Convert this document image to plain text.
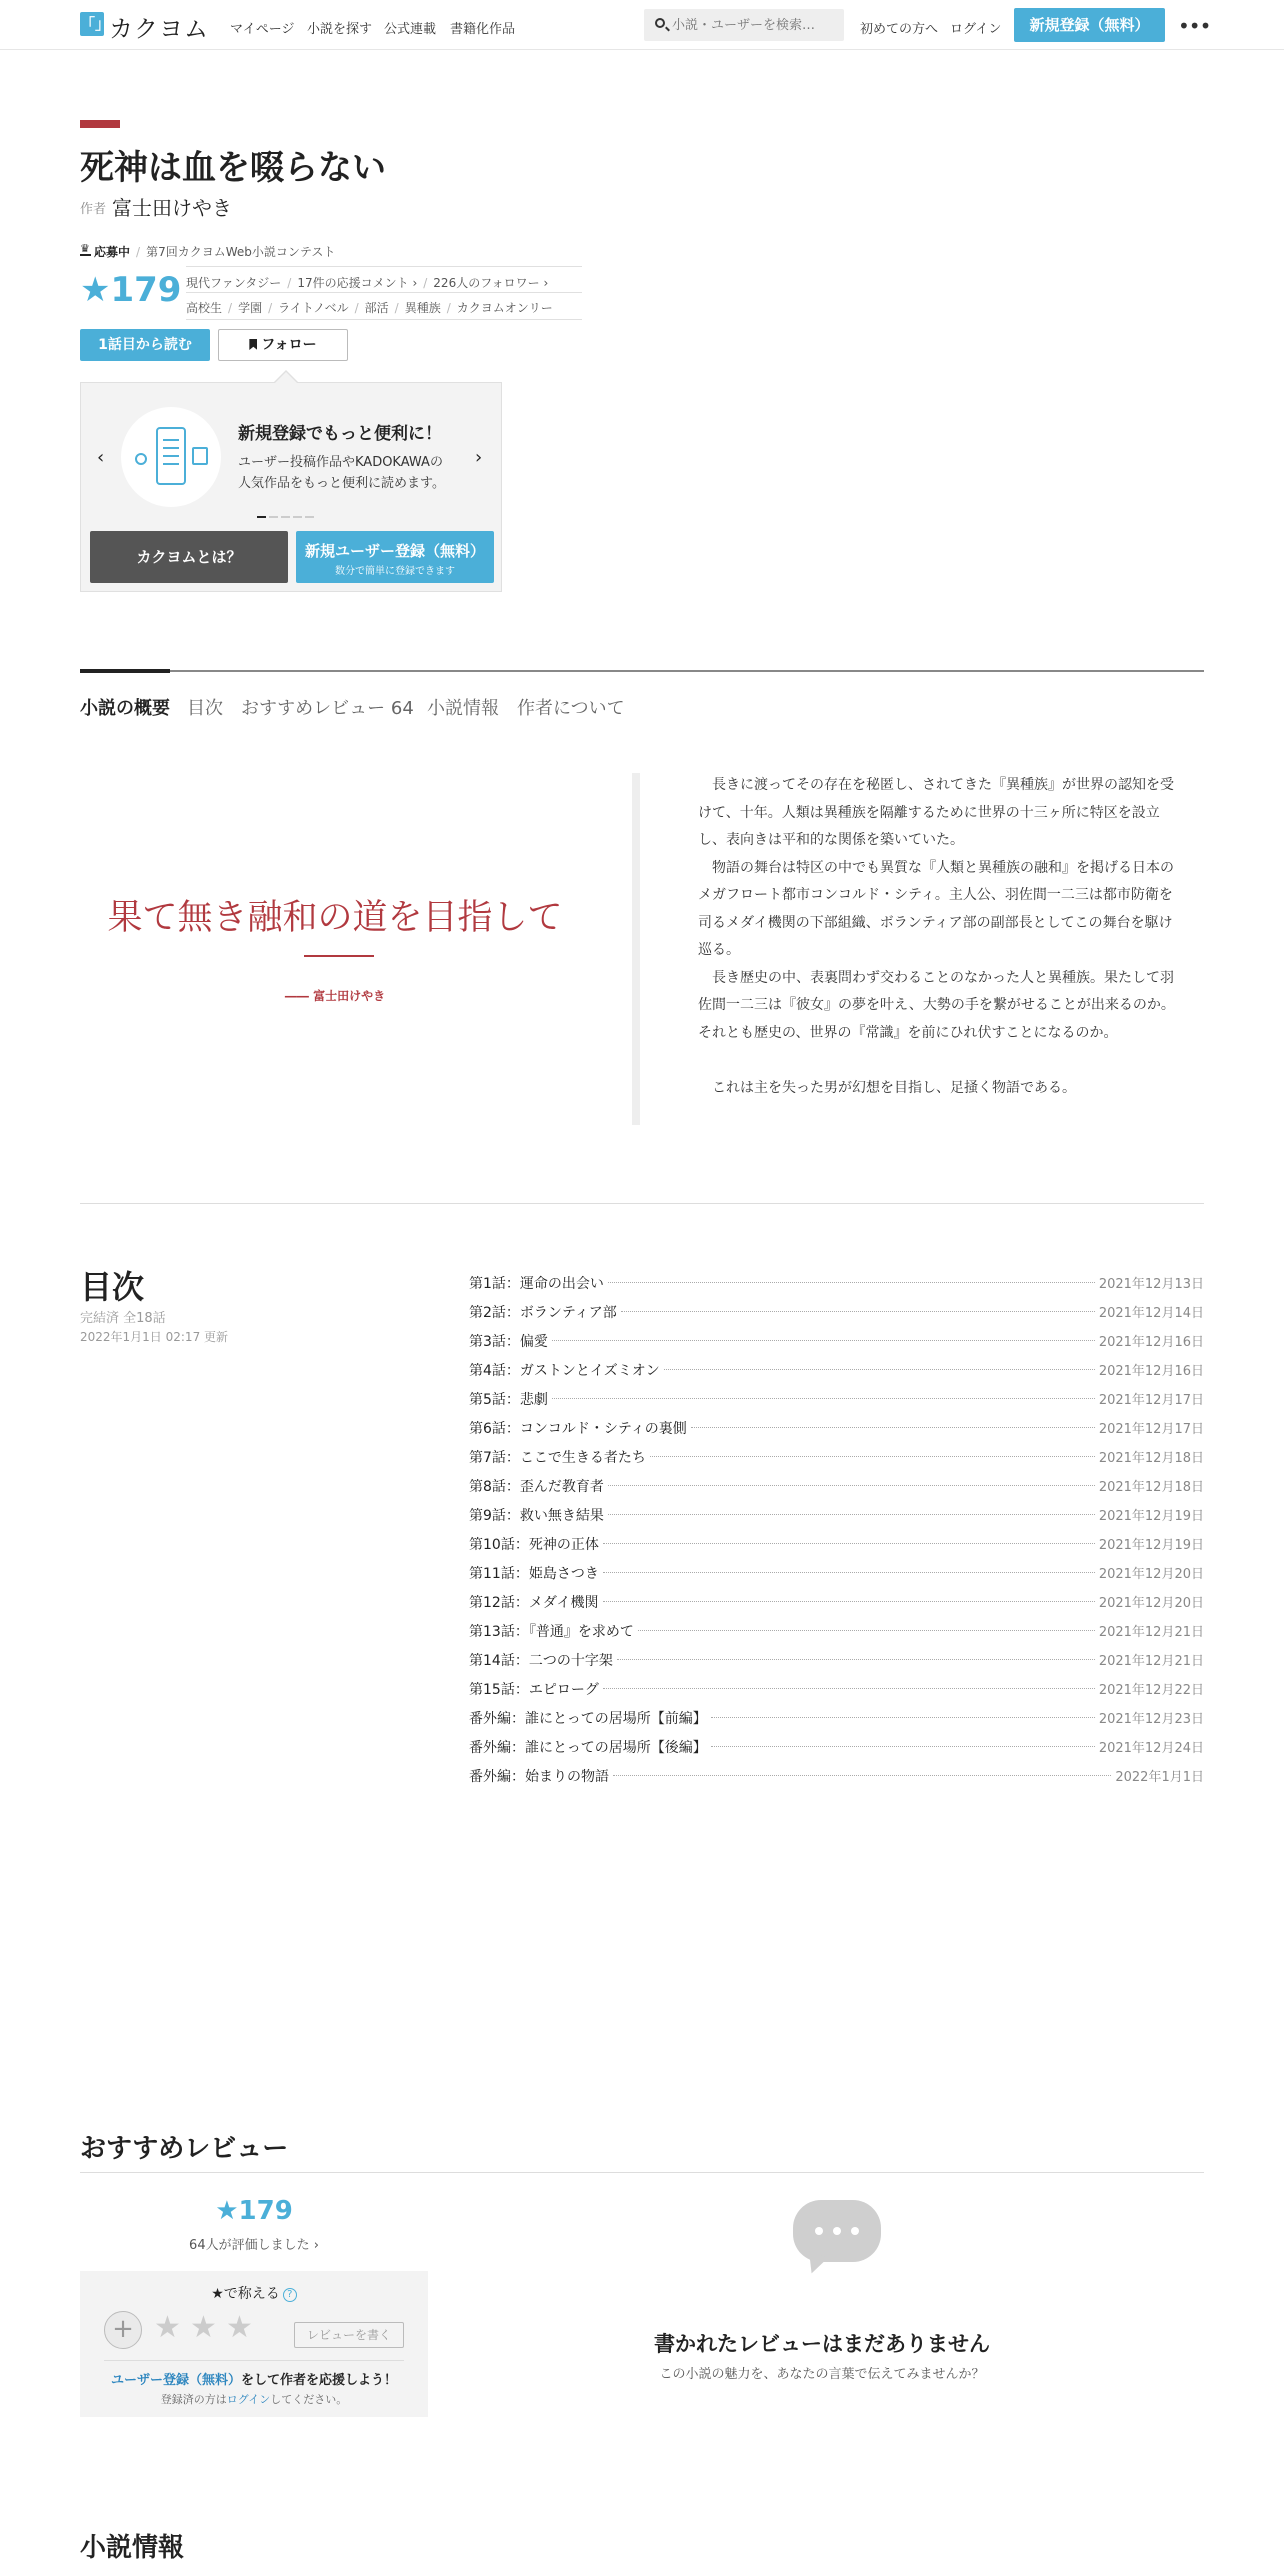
「」
カクヨム マイページ 小説を探す 公式連載 書籍化作品
小説・ユーザーを検索…	初めての方へ ログイン	新規登録（無料）	•••
死神は血を啜らない
作者 富士田けやき
♛応募中 / 第7回カクヨムWeb小説コンテスト
★179 現代ファンタジー / 17件の応援コメント › / 226人のフォロワー ›
高校生 / 学園 / ライトノベル / 部活 / 異種族 / カクヨムオンリー
1話目から読む	フォロー
‹
新規登録でもっと便利に！
ユーザー投稿作品やKADOKAWAの
人気作品をもっと便利に読めます。
›
カクヨムとは？	新規ユーザー登録（無料）
数分で簡単に登録できます
小説の概要 目次 おすすめレビュー 64 小説情報 作者について
果て無き融和の道を目指して
―― 富士田けやき

長きに渡ってその存在を秘匿し、されてきた『異種族』が世界の認知を受けて、十年。人類は異種族を隔離するために世界の十三ヶ所に特区を設立し、表向きは平和的な関係を築いていた。

物語の舞台は特区の中でも異質な『人類と異種族の融和』を掲げる日本のメガフロート都市コンコルド・シティ。主人公、羽佐間一二三は都市防衛を司るメダイ機関の下部組織、ボランティア部の副部長としてこの舞台を駆け巡る。

長き歴史の中、表裏問わず交わることのなかった人と異種族。果たして羽佐間一二三は『彼女』の夢を叶え、大勢の手を繋がせることが出来るのか。それとも歴史の、世界の『常識』を前にひれ伏すことになるのか。

これは主を失った男が幻想を目指し、足掻く物語である。

目次
完結済 全18話
2022年1月1日 02:17 更新
第1話：運命の出会い	2021年12月13日
第2話：ボランティア部	2021年12月14日
第3話：偏愛	2021年12月16日
第4話：ガストンとイズミオン	2021年12月16日
第5話：悲劇	2021年12月17日
第6話：コンコルド・シティの裏側	2021年12月17日
第7話：ここで生きる者たち	2021年12月18日
第8話：歪んだ教育者	2021年12月18日
第9話：救い無き結果	2021年12月19日
第10話：死神の正体	2021年12月19日
第11話：姫島さつき	2021年12月20日
第12話：メダイ機関	2021年12月20日
第13話：『普通』を求めて	2021年12月21日
第14話：二つの十字架	2021年12月21日
第15話：エピローグ	2021年12月22日
番外編：誰にとっての居場所【前編】	2021年12月23日
番外編：誰にとっての居場所【後編】	2021年12月24日
番外編：始まりの物語	2022年1月1日
おすすめレビュー
★179
64人が評価しました ›
★で称える ?
+ ★ ★ ★	レビューを書く
ユーザー登録（無料）をして作者を応援しよう！
登録済の方はログインしてください。
書かれたレビューはまだありません
この小説の魅力を、あなたの言葉で伝えてみませんか？
小説情報
